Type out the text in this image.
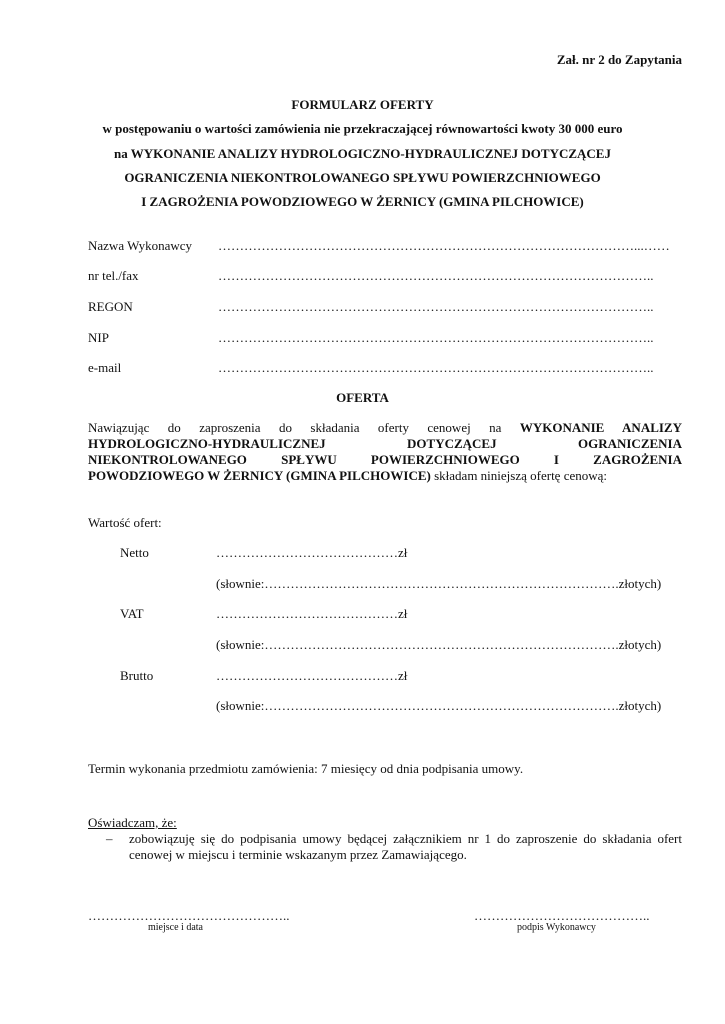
Zał. nr 2 do Zapytania
FORMULARZ OFERTY
w postępowaniu o wartości zamówienia nie przekraczającej równowartości kwoty 30 000 euro
na WYKONANIE ANALIZY HYDROLOGICZNO-HYDRAULICZNEJ DOTYCZĄCEJ
OGRANICZENIA NIEKONTROLOWANEGO SPŁYWU POWIERZCHNIOWEGO
I ZAGROŻENIA POWODZIOWEGO W ŻERNICY (GMINA PILCHOWICE)
Nazwa Wykonawcy ……………………………………………………………………………………...……
nr tel./fax	………………………………………………………………………………………..
REGON	………………………………………………………………………………………..
NIP	………………………………………………………………………………………..
e-mail	………………………………………………………………………………………..
OFERTA
Nawiązując do zaproszenia do składania oferty cenowej na WYKONANIE ANALIZY
HYDROLOGICZNO-HYDRAULICZNEJ DOTYCZĄCEJ OGRANICZENIA
NIEKONTROLOWANEGO SPŁYWU POWIERZCHNIOWEGO I ZAGROŻENIA
POWODZIOWEGO W ŻERNICY (GMINA PILCHOWICE) składam niniejszą ofertę cenową:
Wartość ofert:
Netto	……………………………………zł
(słownie:……………………………………………………………………….złotych)
VAT	……………………………………zł
(słownie:……………………………………………………………………….złotych)
Brutto	……………………………………zł
(słownie:……………………………………………………………………….złotych)
Termin wykonania przedmiotu zamówienia: 7 miesięcy od dnia podpisania umowy.
Oświadczam, że:
– zobowiązuję się do podpisania umowy będącej załącznikiem nr 1 do zaproszenie do składania ofert
cenowej w miejscu i terminie wskazanym przez Zamawiającego.
………………………………………..
miejsce i data
…………………………………..
podpis Wykonawcy
